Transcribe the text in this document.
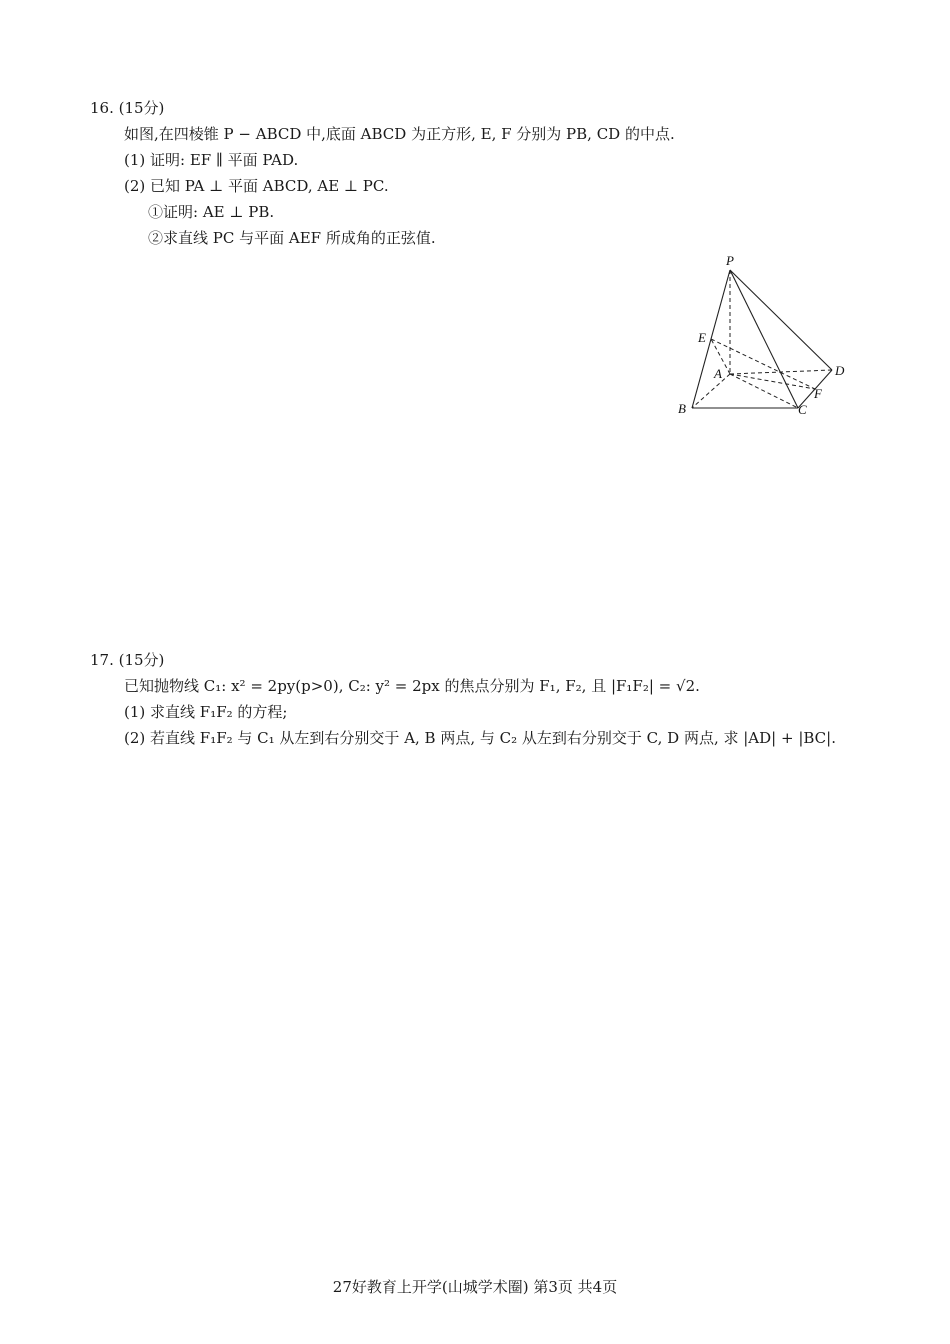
16. (15分)
如图,在四棱锥 P − ABCD 中,底面 ABCD 为正方形, E, F 分别为 PB, CD 的中点.
(1) 证明: EF ∥ 平面 PAD.
(2) 已知 PA ⊥ 平面 ABCD, AE ⊥ PC.
①证明: AE ⊥ PB.
②求直线 PC 与平面 AEF 所成角的正弦值.
P
E
A	D
F
B	C
17. (15分)
已知抛物线 C₁: x² = 2py(p>0), C₂: y² = 2px 的焦点分别为 F₁, F₂, 且 |F₁F₂| = √2.
(1) 求直线 F₁F₂ 的方程;
(2) 若直线 F₁F₂ 与 C₁ 从左到右分别交于 A, B 两点, 与 C₂ 从左到右分别交于 C, D 两点, 求 |AD| + |BC|.
27好教育上开学(山城学术圈) 第3页 共4页
